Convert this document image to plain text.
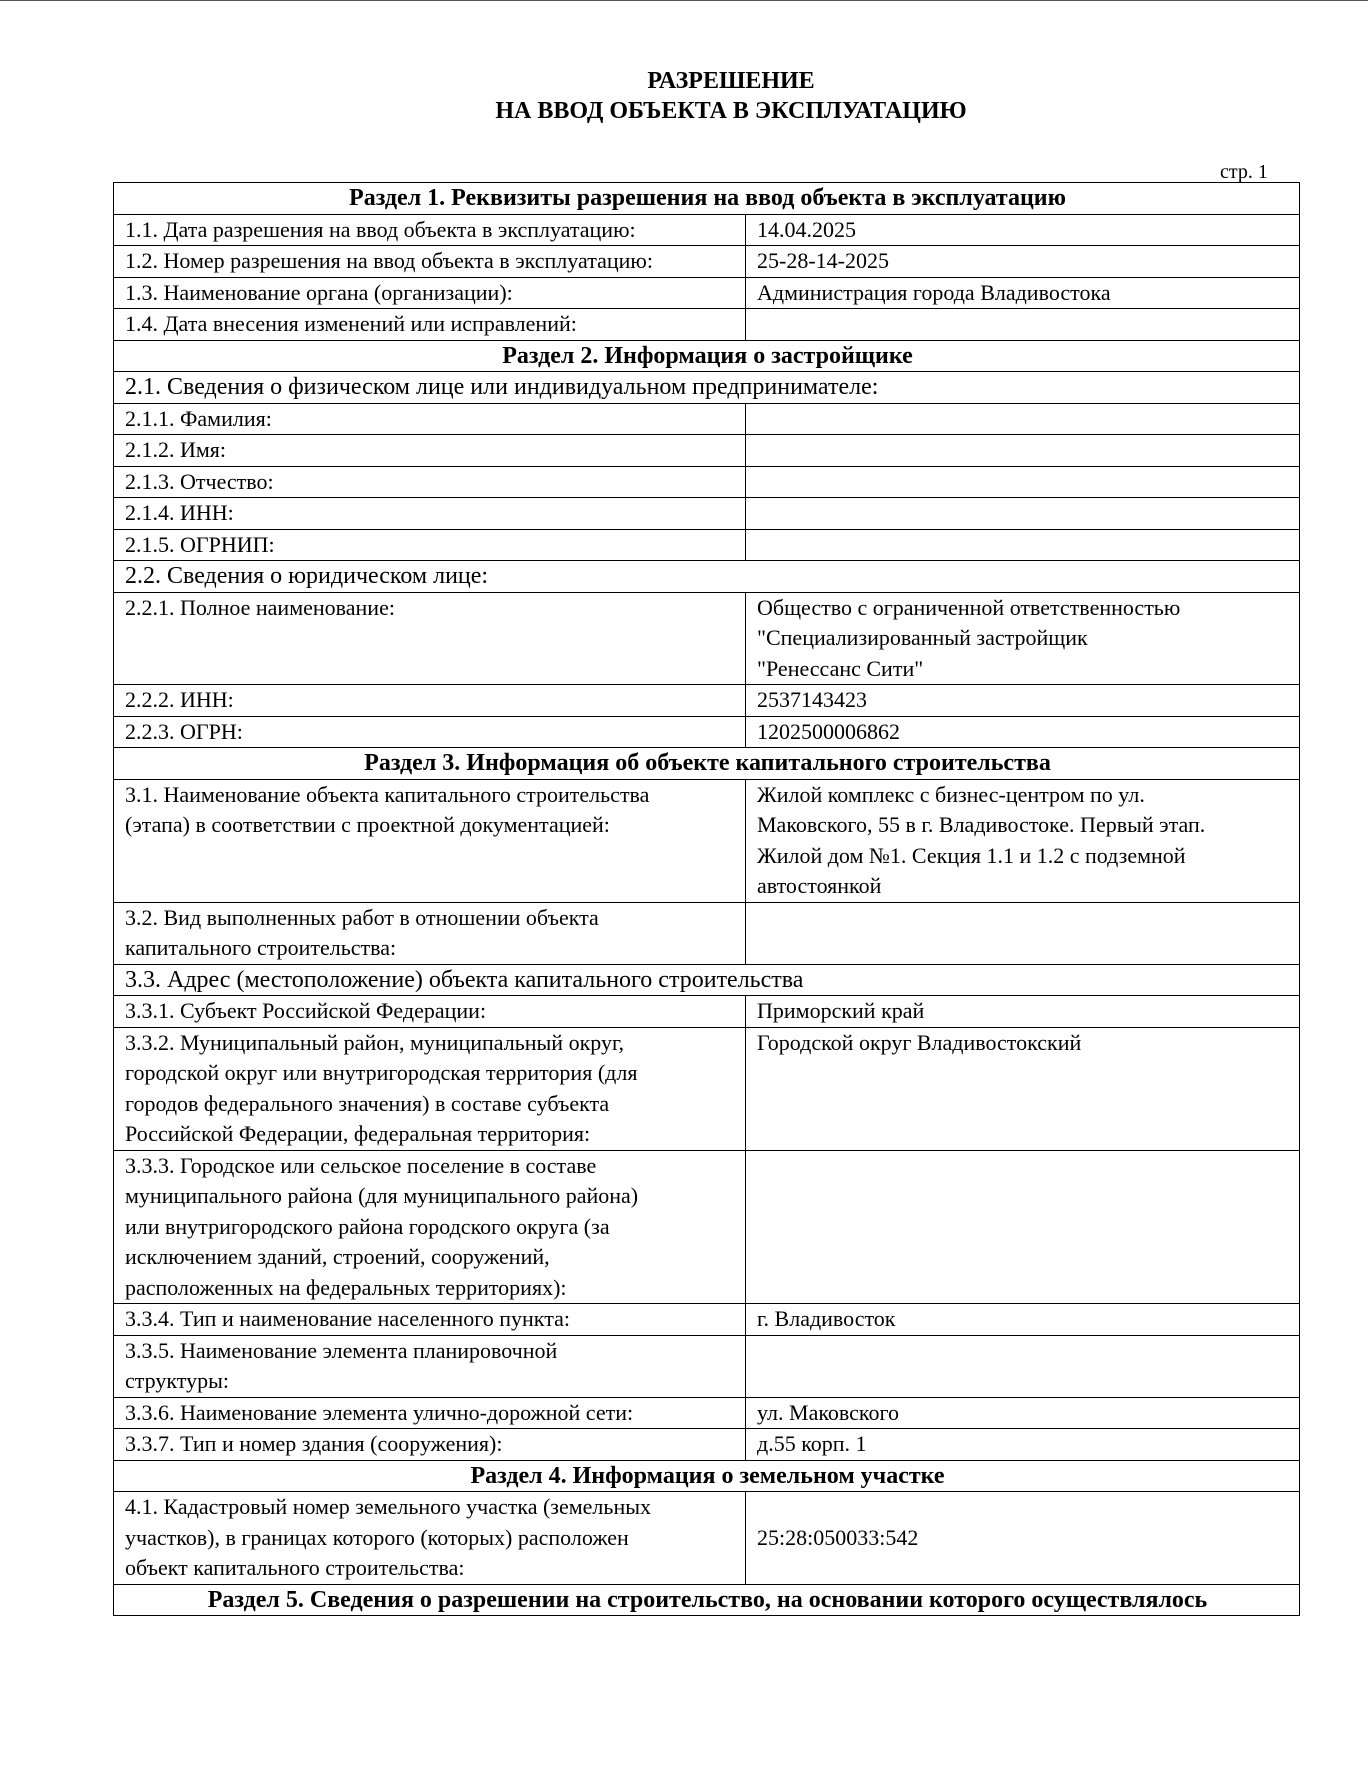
РАЗРЕШЕНИЕ
НА ВВОД ОБЪЕКТА В ЭКСПЛУАТАЦИЮ
стр. 1
Раздел 1. Реквизиты разрешения на ввод объекта в эксплуатацию	
1.1. Дата разрешения на ввод объекта в эксплуатацию:	14.04.2025
1.2. Номер разрешения на ввод объекта в эксплуатацию:	25-28-14-2025
1.3. Наименование органа (организации):	Администрация города Владивостока
1.4. Дата внесения изменений или исправлений:	
Раздел 2. Информация о застройщике	
2.1. Сведения о физическом лице или индивидуальном предпринимателе:	
2.1.1. Фамилия:	
2.1.2. Имя:	
2.1.3. Отчество:	
2.1.4. ИНН:	
2.1.5. ОГРНИП:	
2.2. Сведения о юридическом лице:	
2.2.1. Полное наименование:	Общество с ограниченной ответственностью
"Специализированный застройщик
"Ренессанс Сити"
2.2.2. ИНН:	2537143423
2.2.3. ОГРН:	1202500006862
Раздел 3. Информация об объекте капитального строительства	
3.1. Наименование объекта капитального строительства
(этапа) в соответствии с проектной документацией:	Жилой комплекс с бизнес-центром по ул.
Маковского, 55 в г. Владивостоке. Первый этап.
Жилой дом №1. Секция 1.1 и 1.2 с подземной
автостоянкой
3.2. Вид выполненных работ в отношении объекта
капитального строительства:	
3.3. Адрес (местоположение) объекта капитального строительства	
3.3.1. Субъект Российской Федерации:	Приморский край
3.3.2. Муниципальный район, муниципальный округ,
городской округ или внутригородская территория (для
городов федерального значения) в составе субъекта
Российской Федерации, федеральная территория:	Городской округ Владивостокский
3.3.3. Городское или сельское поселение в составе
муниципального района (для муниципального района)
или внутригородского района городского округа (за
исключением зданий, строений, сооружений,
расположенных на федеральных территориях):	
3.3.4. Тип и наименование населенного пункта:	г. Владивосток
3.3.5. Наименование элемента планировочной
структуры:	
3.3.6. Наименование элемента улично-дорожной сети:	ул. Маковского
3.3.7. Тип и номер здания (сооружения):	д.55 корп. 1
Раздел 4. Информация о земельном участке	
4.1. Кадастровый номер земельного участка (земельных
участков), в границах которого (которых) расположен
объект капитального строительства:	25:28:050033:542
Раздел 5. Сведения о разрешении на строительство, на основании которого осуществлялось	
